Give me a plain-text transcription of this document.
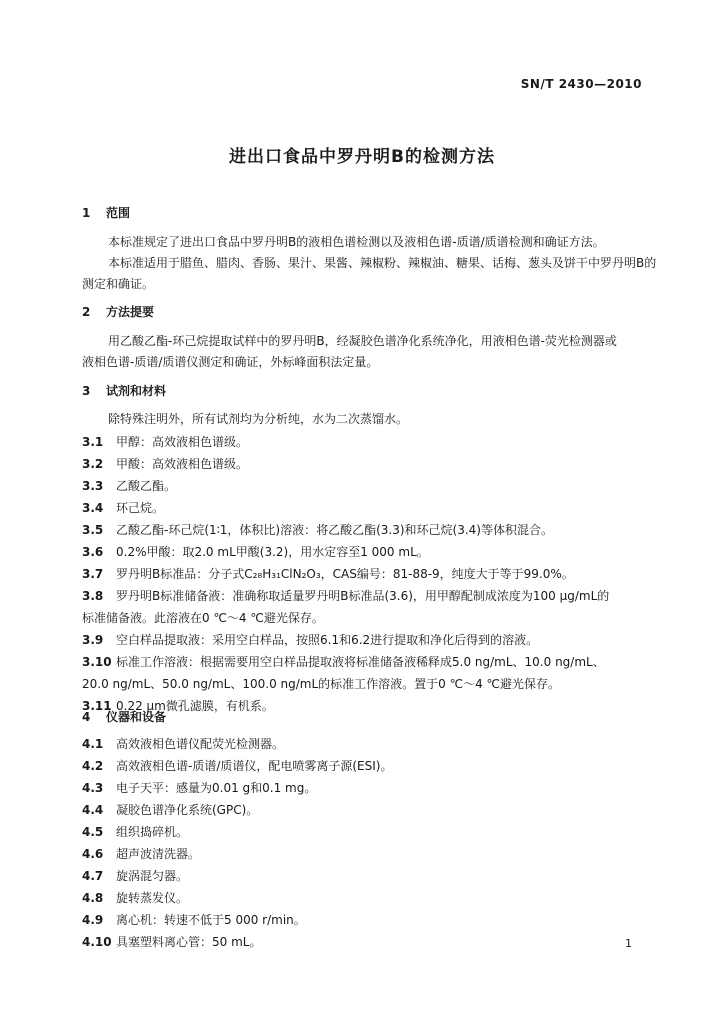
SN/T 2430—2010
进出口食品中罗丹明B的检测方法
1 范围
本标准规定了进出口食品中罗丹明B的液相色谱检测以及液相色谱-质谱/质谱检测和确证方法。
本标准适用于腊鱼、腊肉、香肠、果汁、果酱、辣椒粉、辣椒油、糖果、话梅、葱头及饼干中罗丹明B的
测定和确证。
2 方法提要
用乙酸乙酯-环己烷提取试样中的罗丹明B，经凝胶色谱净化系统净化，用液相色谱-荧光检测器或
液相色谱-质谱/质谱仪测定和确证，外标峰面积法定量。
3 试剂和材料
除特殊注明外，所有试剂均为分析纯，水为二次蒸馏水。
3.1 甲醇：高效液相色谱级。
3.2 甲酸：高效液相色谱级。
3.3 乙酸乙酯。
3.4 环己烷。
3.5 乙酸乙酯-环己烷(1∶1，体积比)溶液：将乙酸乙酯(3.3)和环己烷(3.4)等体积混合。
3.6 0.2%甲酸：取2.0 mL甲酸(3.2)，用水定容至1 000 mL。
3.7 罗丹明B标准品：分子式C₂₈H₃₁ClN₂O₃，CAS编号：81-88-9，纯度大于等于99.0%。
3.8 罗丹明B标准储备液：准确称取适量罗丹明B标准品(3.6)，用甲醇配制成浓度为100 μg/mL的
标准储备液。此溶液在0 ℃～4 ℃避光保存。
3.9 空白样品提取液：采用空白样品，按照6.1和6.2进行提取和净化后得到的溶液。
3.10 标准工作溶液：根据需要用空白样品提取液将标准储备液稀释成5.0 ng/mL、10.0 ng/mL、
20.0 ng/mL、50.0 ng/mL、100.0 ng/mL的标准工作溶液。置于0 ℃～4 ℃避光保存。
3.11 0.22 μm微孔滤膜，有机系。
4 仪器和设备
4.1 高效液相色谱仪配荧光检测器。
4.2 高效液相色谱-质谱/质谱仪，配电喷雾离子源(ESI)。
4.3 电子天平：感量为0.01 g和0.1 mg。
4.4 凝胶色谱净化系统(GPC)。
4.5 组织捣碎机。
4.6 超声波清洗器。
4.7 旋涡混匀器。
4.8 旋转蒸发仪。
4.9 离心机：转速不低于5 000 r/min。
4.10 具塞塑料离心管：50 mL。	1
